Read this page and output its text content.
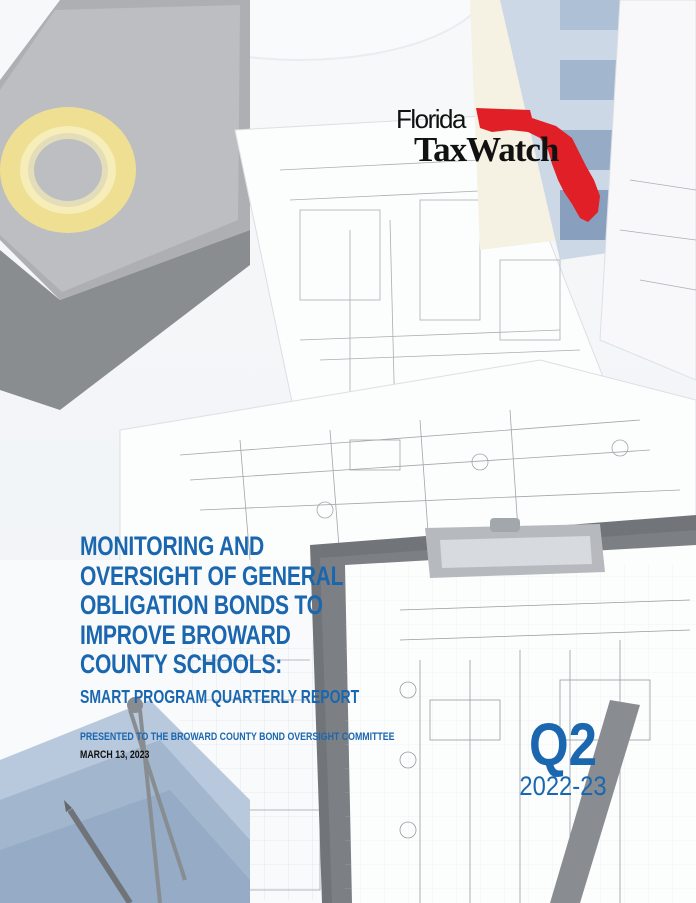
Florida
TaxWatch
MONITORING AND
OVERSIGHT OF GENERAL
OBLIGATION BONDS TO
IMPROVE BROWARD
COUNTY SCHOOLS:
SMART PROGRAM QUARTERLY REPORT
PRESENTED TO THE BROWARD COUNTY BOND OVERSIGHT COMMITTEE
MARCH 13, 2023	Q2
2022-23
